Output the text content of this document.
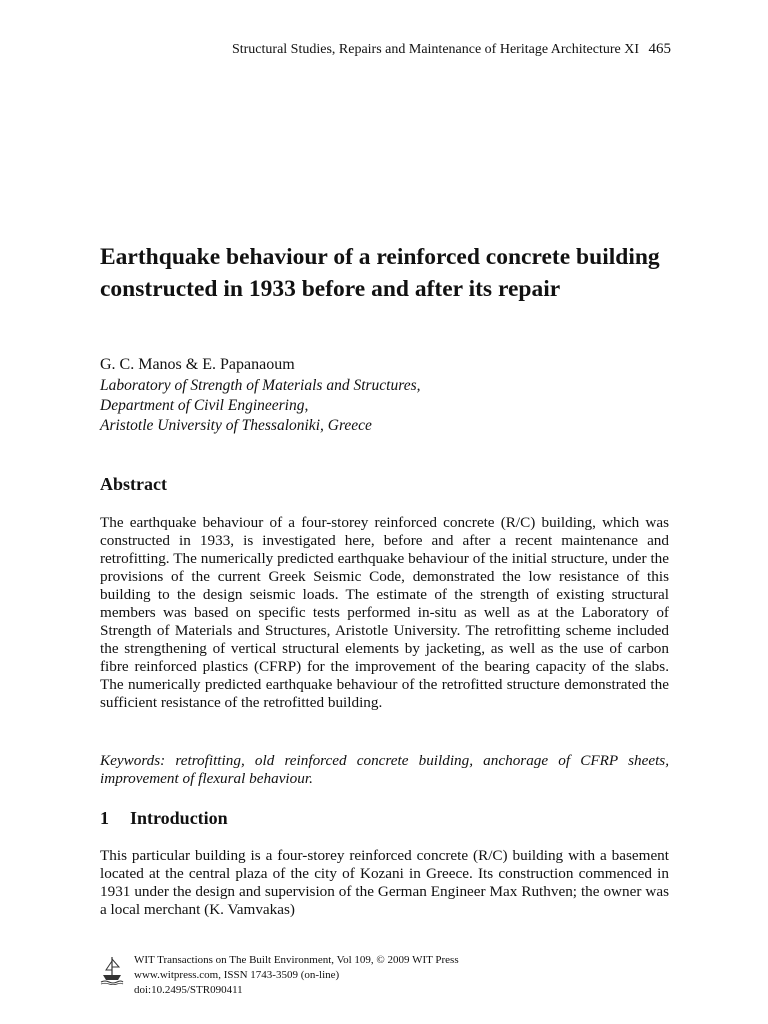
Structural Studies, Repairs and Maintenance of Heritage Architecture XI 465
Earthquake behaviour of a reinforced concrete building constructed in 1933 before and after its repair
G. C. Manos & E. Papanaoum
Laboratory of Strength of Materials and Structures,
Department of Civil Engineering,
Aristotle University of Thessaloniki, Greece
Abstract

The earthquake behaviour of a four-storey reinforced concrete (R/C) building, which was constructed in 1933, is investigated here, before and after a recent maintenance and retrofitting. The numerically predicted earthquake behaviour of the initial structure, under the provisions of the current Greek Seismic Code, demonstrated the low resistance of this building to the design seismic loads. The estimate of the strength of existing structural members was based on specific tests performed in-situ as well as at the Laboratory of Strength of Materials and Structures, Aristotle University. The retrofitting scheme included the strengthening of vertical structural elements by jacketing, as well as the use of carbon fibre reinforced plastics (CFRP) for the improvement of the bearing capacity of the slabs. The numerically predicted earthquake behaviour of the retrofitted structure demonstrated the sufficient resistance of the retrofitted building.

Keywords: retrofitting, old reinforced concrete building, anchorage of CFRP sheets, improvement of flexural behaviour.

1 Introduction

This particular building is a four-storey reinforced concrete (R/C) building with a basement located at the central plaza of the city of Kozani in Greece. Its construction commenced in 1931 under the design and supervision of the German Engineer Max Ruthven; the owner was a local merchant (K. Vamvakas)

WIT Transactions on The Built Environment, Vol 109, © 2009 WIT Press
www.witpress.com, ISSN 1743-3509 (on-line)
doi:10.2495/STR090411
